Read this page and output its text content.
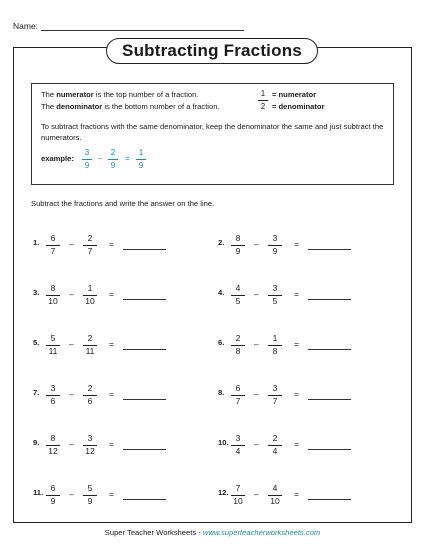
Name:
Subtracting Fractions
The numerator is the top number of a fraction.
The denominator is the bottom number of a fraction.
1
2
= numerator
= denominator
To subtract fractions with the same denominator, keep the denominator the same and just subtract the numerators.
example:
3
9
–
2
9
=
1
9
Subtract the fractions and write the answer on the line.
1.	6
7
–
2
7
=	2.	8
9
–
3
9
=
3.	8
10
–
1
10
=	4.	4
5
–
3
5
=
5.	5
11
–
2
11
=	6.	2
8
–
1
8
=
7.	3
6
–
2
6
=	8.	6
7
–
3
7
=
9.	8
12
–
3
12
=	10. 3
4
–
2
4
=
11. 6
9
–
5
9
=	12. 7
10
–
4
10
=
Super Teacher Worksheets - www.superteacherworksheets.com
